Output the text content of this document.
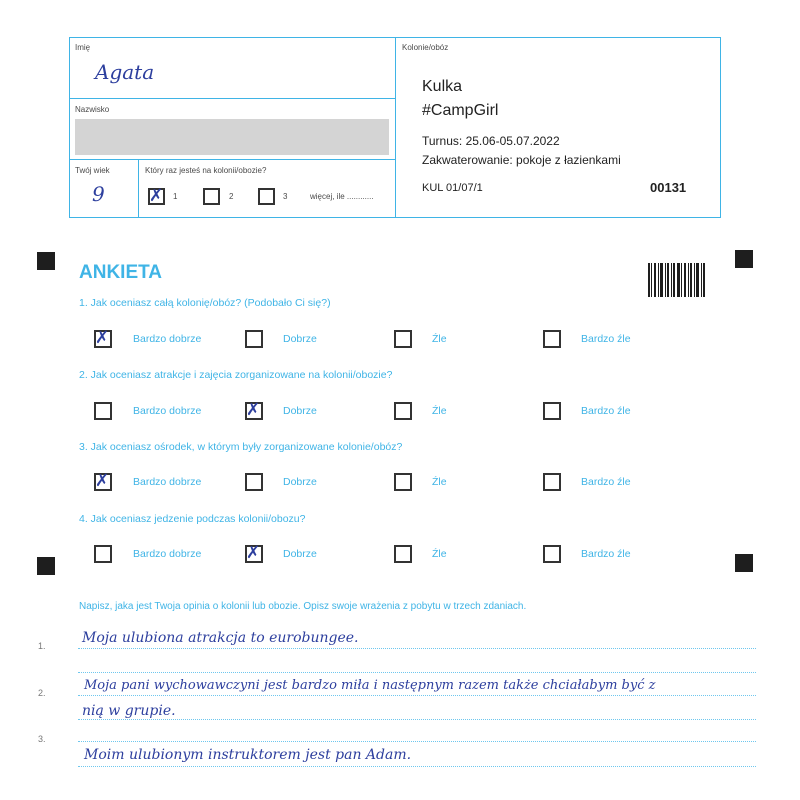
Imię
Agata
Nazwisko
Twój wiek
9
Który raz jesteś na kolonii/obozie?
✗ 1	2	3	więcej, ile ............
Kolonie/obóz
Kulka
#CampGirl
Turnus: 25.06-05.07.2022
Zakwaterowanie: pokoje z łazienkami
KUL 01/07/1	00131
ANKIETA
1. Jak oceniasz całą kolonię/obóz? (Podobało Ci się?)
✗ Bardzo dobrze	Dobrze	Źle	Bardzo źle
2. Jak oceniasz atrakcje i zajęcia zorganizowane na kolonii/obozie?
Bardzo dobrze	✗ Dobrze	Źle	Bardzo źle
3. Jak oceniasz ośrodek, w którym były zorganizowane kolonie/obóz?
✗ Bardzo dobrze	Dobrze	Źle	Bardzo źle
4. Jak oceniasz jedzenie podczas kolonii/obozu?
Bardzo dobrze	✗ Dobrze	Źle	Bardzo źle
Napisz, jaka jest Twoja opinia o kolonii lub obozie. Opisz swoje wrażenia z pobytu w trzech zdaniach.
1.
2.
3.
Moja ulubiona atrakcja to eurobungee.
Moja pani wychowawczyni jest bardzo miła i następnym razem także chciałabym być z
nią w grupie.
Moim ulubionym instruktorem jest pan Adam.
